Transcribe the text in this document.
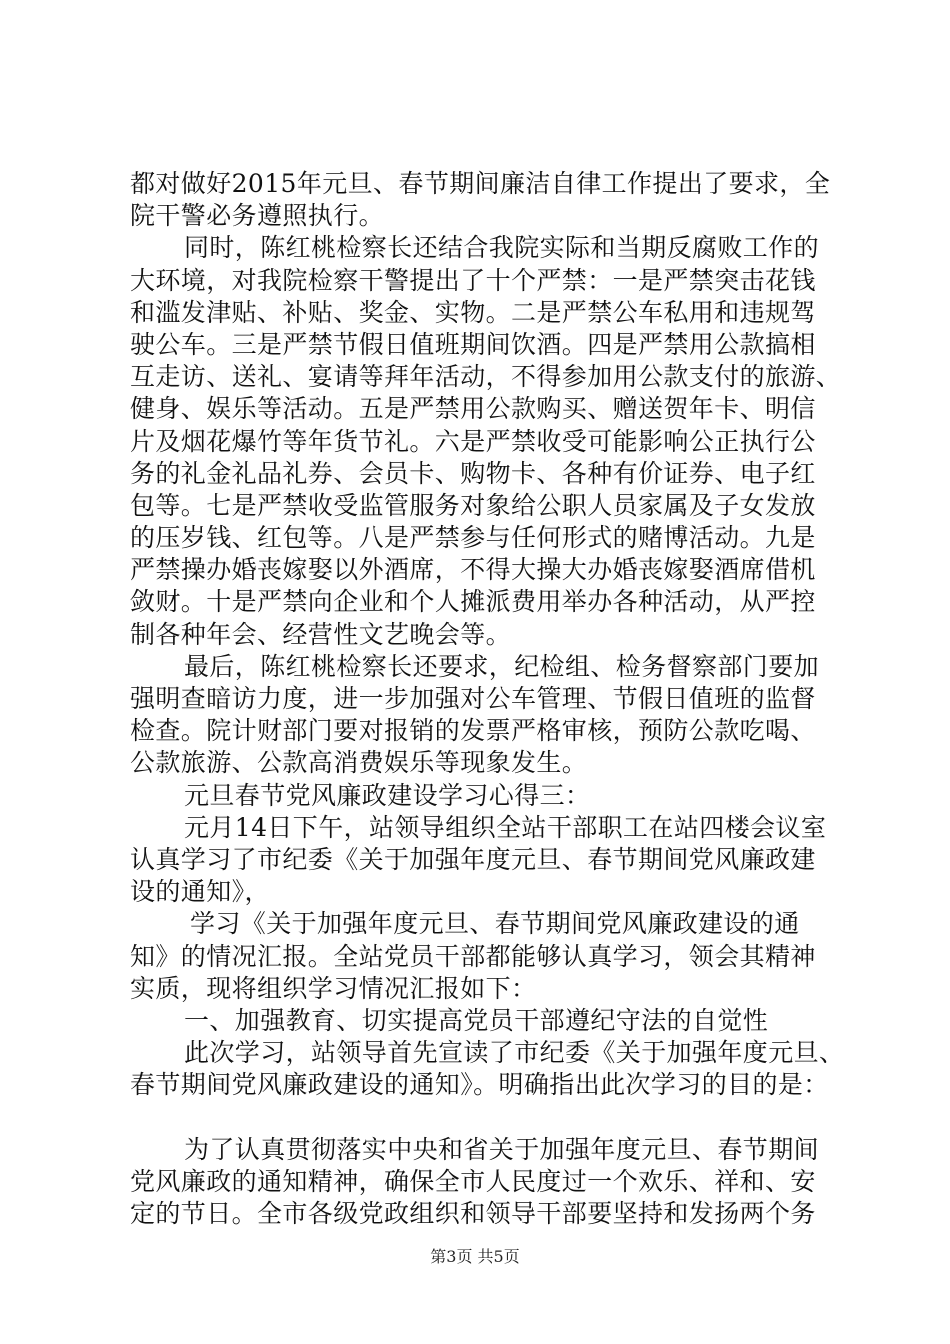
都对做好2015年元旦、春节期间廉洁自律工作提出了要求，全
院干警必务遵照执行。
同时，陈红桃检察长还结合我院实际和当期反腐败工作的
大环境，对我院检察干警提出了十个严禁：一是严禁突击花钱
和滥发津贴、补贴、奖金、实物。二是严禁公车私用和违规驾
驶公车。三是严禁节假日值班期间饮酒。四是严禁用公款搞相
互走访、送礼、宴请等拜年活动，不得参加用公款支付的旅游、
健身、娱乐等活动。五是严禁用公款购买、赠送贺年卡、明信
片及烟花爆竹等年货节礼。六是严禁收受可能影响公正执行公
务的礼金礼品礼券、会员卡、购物卡、各种有价证券、电子红
包等。七是严禁收受监管服务对象给公职人员家属及子女发放
的压岁钱、红包等。八是严禁参与任何形式的赌博活动。九是
严禁操办婚丧嫁娶以外酒席，不得大操大办婚丧嫁娶酒席借机
敛财。十是严禁向企业和个人摊派费用举办各种活动，从严控
制各种年会、经营性文艺晚会等。
最后，陈红桃检察长还要求，纪检组、检务督察部门要加
强明查暗访力度，进一步加强对公车管理、节假日值班的监督
检查。院计财部门要对报销的发票严格审核，预防公款吃喝、
公款旅游、公款高消费娱乐等现象发生。
元旦春节党风廉政建设学习心得三：
元月14日下午，站领导组织全站干部职工在站四楼会议室
认真学习了市纪委《关于加强年度元旦、春节期间党风廉政建
设的通知》，
学习《关于加强年度元旦、春节期间党风廉政建设的通
知》的情况汇报。全站党员干部都能够认真学习，领会其精神
实质，现将组织学习情况汇报如下：
一、加强教育、切实提高党员干部遵纪守法的自觉性
此次学习，站领导首先宣读了市纪委《关于加强年度元旦、
春节期间党风廉政建设的通知》。明确指出此次学习的目的是：
为了认真贯彻落实中央和省关于加强年度元旦、春节期间
党风廉政的通知精神，确保全市人民度过一个欢乐、祥和、安
定的节日。全市各级党政组织和领导干部要坚持和发扬两个务
第3页 共5页
